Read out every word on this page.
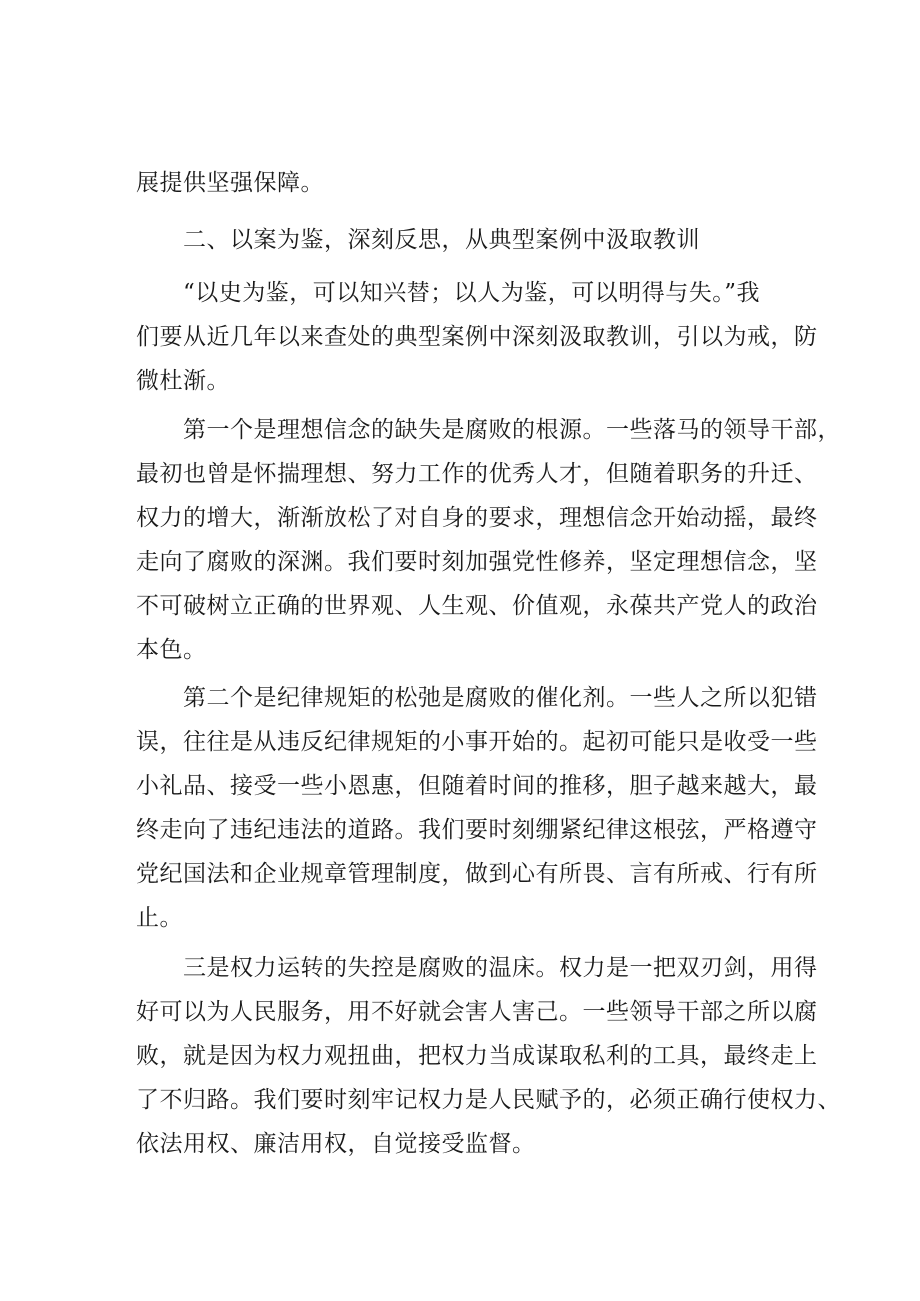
展提供坚强保障。
二、以案为鉴，深刻反思，从典型案例中汲取教训
“以史为鉴，可以知兴替；以人为鉴，可以明得与失。”我
们要从近几年以来查处的典型案例中深刻汲取教训，引以为戒，防
微杜渐。
第一个是理想信念的缺失是腐败的根源。一些落马的领导干部，
最初也曾是怀揣理想、努力工作的优秀人才，但随着职务的升迁、
权力的增大，渐渐放松了对自身的要求，理想信念开始动摇，最终
走向了腐败的深渊。我们要时刻加强党性修养，坚定理想信念，坚
不可破树立正确的世界观、人生观、价值观，永葆共产党人的政治
本色。
第二个是纪律规矩的松弛是腐败的催化剂。一些人之所以犯错
误，往往是从违反纪律规矩的小事开始的。起初可能只是收受一些
小礼品、接受一些小恩惠，但随着时间的推移，胆子越来越大，最
终走向了违纪违法的道路。我们要时刻绷紧纪律这根弦，严格遵守
党纪国法和企业规章管理制度，做到心有所畏、言有所戒、行有所
止。
三是权力运转的失控是腐败的温床。权力是一把双刃剑，用得
好可以为人民服务，用不好就会害人害己。一些领导干部之所以腐
败，就是因为权力观扭曲，把权力当成谋取私利的工具，最终走上
了不归路。我们要时刻牢记权力是人民赋予的，必须正确行使权力、
依法用权、廉洁用权，自觉接受监督。
